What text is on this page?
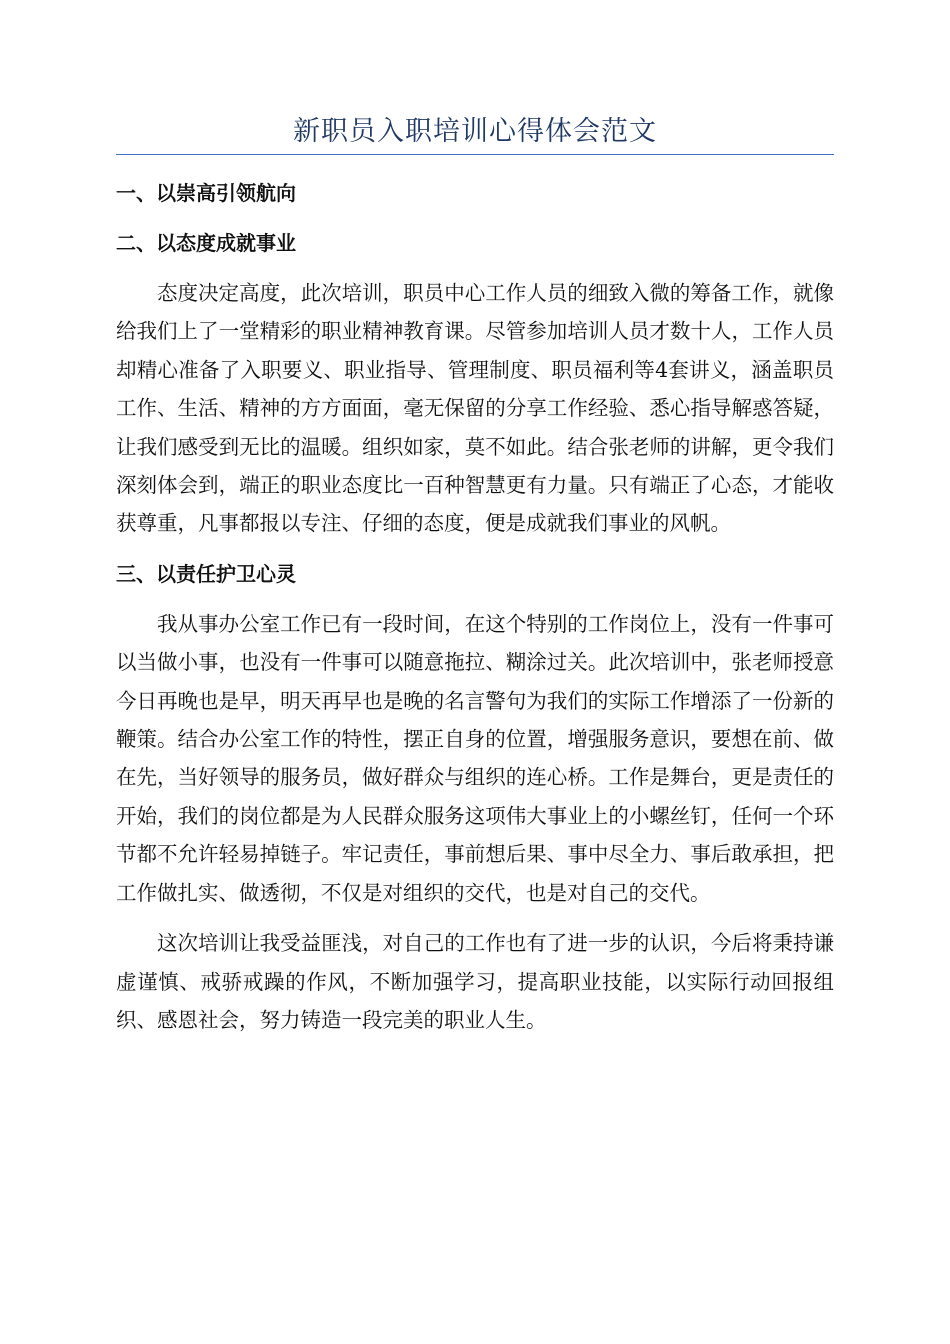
新职员入职培训心得体会范文
一、以崇高引领航向
二、以态度成就事业

态度决定高度，此次培训，职员中心工作人员的细致入微的筹备工作，就像给我们上了一堂精彩的职业精神教育课。尽管参加培训人员才数十人，工作人员却精心准备了入职要义、职业指导、管理制度、职员福利等4套讲义，涵盖职员工作、生活、精神的方方面面，毫无保留的分享工作经验、悉心指导解惑答疑，让我们感受到无比的温暖。组织如家，莫不如此。结合张老师的讲解，更令我们深刻体会到，端正的职业态度比一百种智慧更有力量。只有端正了心态，才能收获尊重，凡事都报以专注、仔细的态度，便是成就我们事业的风帆。

三、以责任护卫心灵

我从事办公室工作已有一段时间，在这个特别的工作岗位上，没有一件事可以当做小事，也没有一件事可以随意拖拉、糊涂过关。此次培训中，张老师授意今日再晚也是早，明天再早也是晚的名言警句为我们的实际工作增添了一份新的鞭策。结合办公室工作的特性，摆正自身的位置，增强服务意识，要想在前、做在先，当好领导的服务员，做好群众与组织的连心桥。工作是舞台，更是责任的开始，我们的岗位都是为人民群众服务这项伟大事业上的小螺丝钉，任何一个环节都不允许轻易掉链子。牢记责任，事前想后果、事中尽全力、事后敢承担，把工作做扎实、做透彻，不仅是对组织的交代，也是对自己的交代。

这次培训让我受益匪浅，对自己的工作也有了进一步的认识，今后将秉持谦虚谨慎、戒骄戒躁的作风，不断加强学习，提高职业技能，以实际行动回报组织、感恩社会，努力铸造一段完美的职业人生。
